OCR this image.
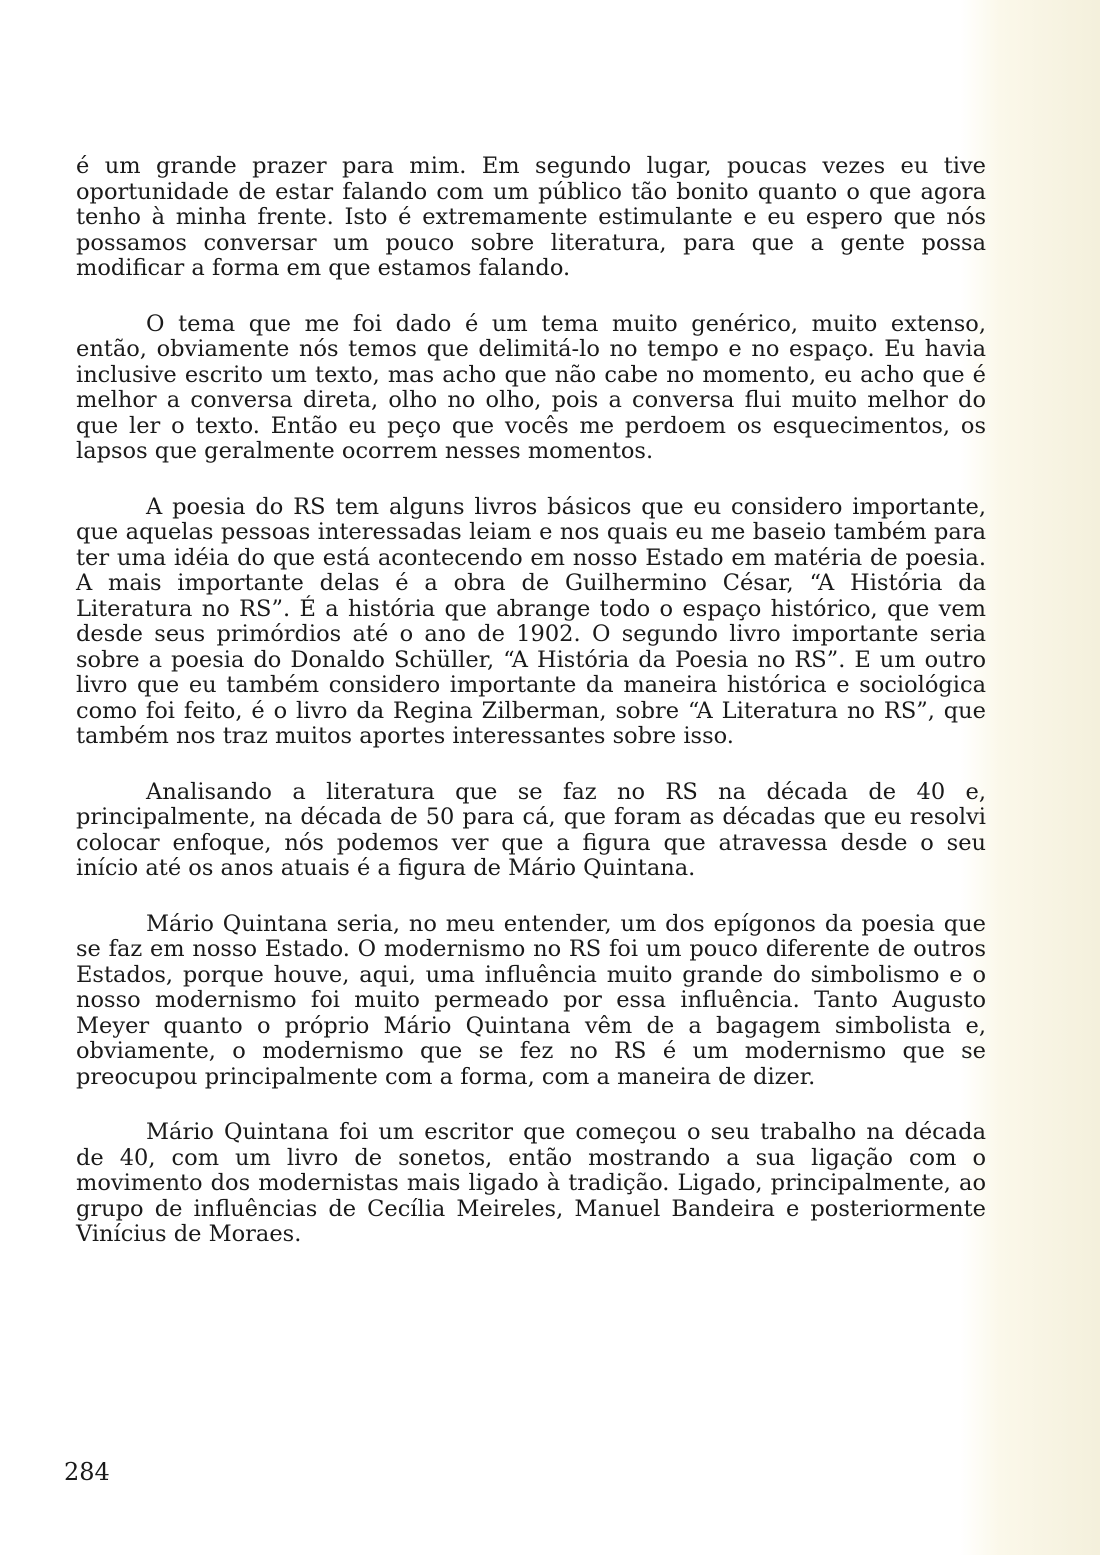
é um grande prazer para mim. Em segundo lugar, poucas vezes eu tive oportunidade de estar falando com um público tão bonito quanto o que agora tenho à minha frente. Isto é extremamente estimulante e eu espero que nós possamos conversar um pouco sobre literatura, para que a gente possa modificar a forma em que estamos falando.

O tema que me foi dado é um tema muito genérico, muito extenso, então, obviamente nós temos que delimitá-lo no tempo e no espaço. Eu havia inclusive escrito um texto, mas acho que não cabe no momento, eu acho que é melhor a conversa direta, olho no olho, pois a conversa flui muito melhor do que ler o texto. Então eu peço que vocês me perdoem os esquecimentos, os lapsos que geralmente ocorrem nesses momentos.

A poesia do RS tem alguns livros básicos que eu considero importante, que aquelas pessoas interessadas leiam e nos quais eu me baseio também para ter uma idéia do que está acontecendo em nosso Estado em matéria de poesia. A mais importante delas é a obra de Guilhermino César, “A História da Literatura no RS”. É a história que abrange todo o espaço histórico, que vem desde seus primórdios até o ano de 1902. O segundo livro importante seria sobre a poesia do Donaldo Schüller, “A História da Poesia no RS”. E um outro livro que eu também considero importante da maneira histórica e sociológica como foi feito, é o livro da Regina Zilberman, sobre “A Literatura no RS”, que também nos traz muitos aportes interessantes sobre isso.

Analisando a literatura que se faz no RS na década de 40 e, principalmente, na década de 50 para cá, que foram as décadas que eu resolvi colocar enfoque, nós podemos ver que a figura que atravessa desde o seu início até os anos atuais é a figura de Mário Quintana.

Mário Quintana seria, no meu entender, um dos epígonos da poesia que se faz em nosso Estado. O modernismo no RS foi um pouco diferente de outros Estados, porque houve, aqui, uma influência muito grande do simbolismo e o nosso modernismo foi muito permeado por essa influência. Tanto Augusto Meyer quanto o próprio Mário Quintana vêm de a bagagem simbolista e, obviamente, o modernismo que se fez no RS é um modernismo que se preocupou principalmente com a forma, com a maneira de dizer.

Mário Quintana foi um escritor que começou o seu trabalho na década de 40, com um livro de sonetos, então mostrando a sua ligação com o movimento dos modernistas mais ligado à tradição. Ligado, principalmente, ao grupo de influências de Cecília Meireles, Manuel Bandeira e posteriormente Vinícius de Moraes.

284
